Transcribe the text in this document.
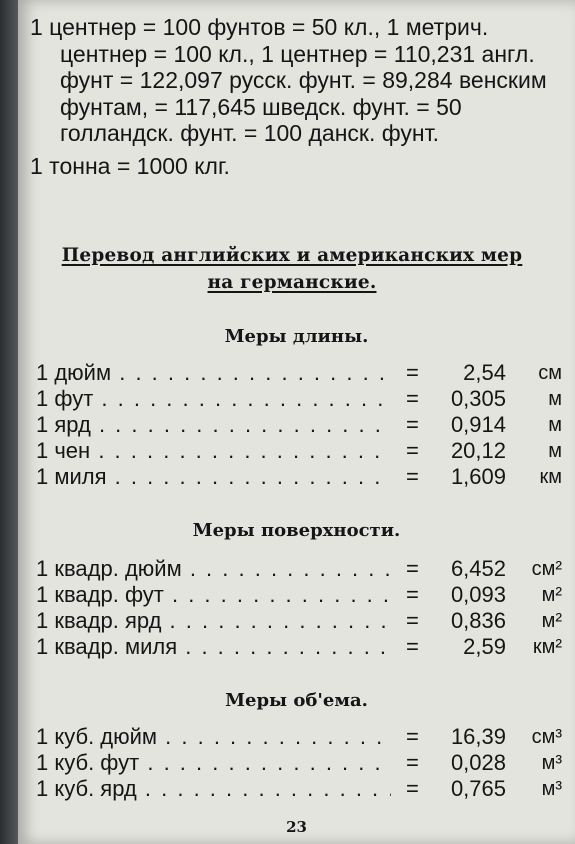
1 центнер = 100 фунтов = 50 кл., 1 метрич. центнер = 100 кл., 1 центнер = 110,231 англ. фунт = 122,097 русск. фунт. = 89,284 венским фунтам, = 117,645 шведск. фунт. = 50 голландск. фунт. = 100 данск. фунт.

1 тонна = 1000 клг.

Перевод английских и американских мер
на германские.
Меры длины.
1 дюйм . . .	=	2,54	см
1 фут . . .	=	0,305	м
1 ярд . . .	=	0,914	м
1 чен . . .	=	20,12	м
1 миля . . .	=	1,609	км
Меры поверхности.
1 квадр. дюйм . . .	=	6,452	см²
1 квадр. фут . . .	=	0,093	м²
1 квадр. ярд . . .	=	0,836	м²
1 квадр. миля . . .	=	2,59	км²
Меры об'ема.
1 куб. дюйм . . .	=	16,39	см³
1 куб. фут . . .	=	0,028	м³
1 куб. ярд . . .	=	0,765	м³
23
